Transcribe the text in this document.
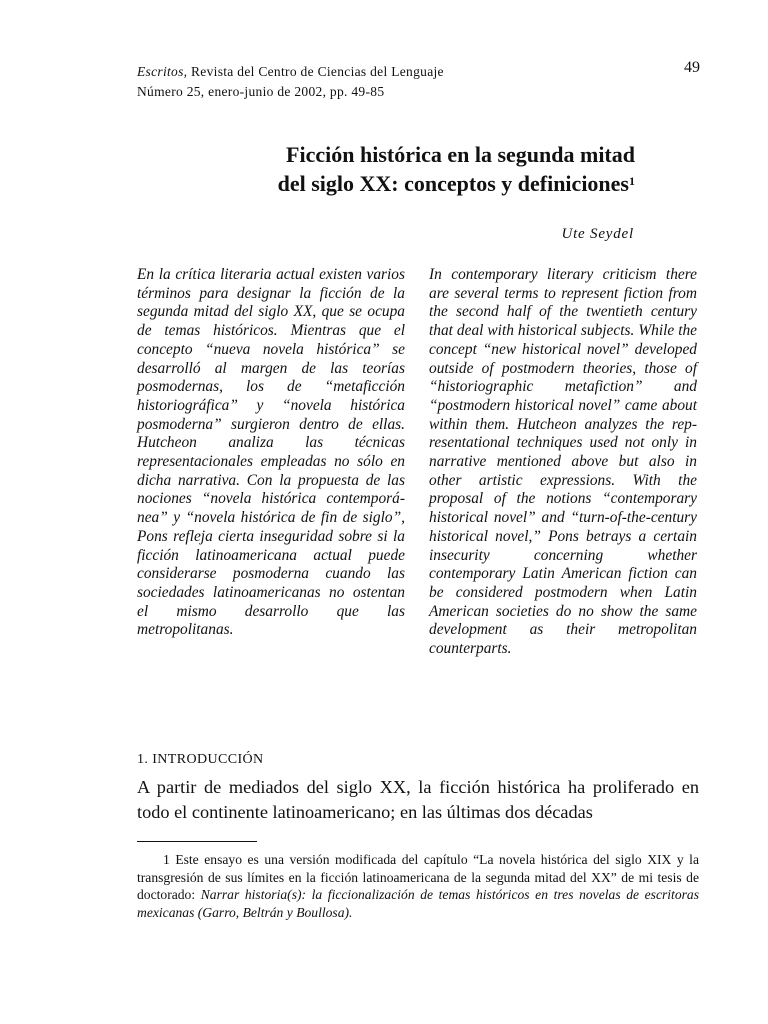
Escritos, Revista del Centro de Ciencias del Lenguaje
Número 25, enero-junio de 2002, pp. 49-85
49
Ficción histórica en la segunda mitad
del siglo XX: conceptos y definiciones$^1$
Ute Seydel
En la crítica literaria actual existen varios términos para designar la ficción de la segunda mitad del siglo XX, que se ocupa de temas históricos. Mientras que el concepto “nueva novela histórica” se desarrolló al margen de las teorías posmodernas, los de “metaficción historiográfica” y “novela histórica posmoderna” surgieron dentro de ellas. Hutcheon analiza las técnicas representacionales empleadas no sólo en dicha narrativa. Con la propuesta de las nociones “novela histórica contemporánea” y “novela histórica de fin de siglo”, Pons refleja cierta inseguridad sobre si la ficción latinoamericana actual puede considerarse posmoderna cuando las sociedades latinoamericanas no ostentan el mismo desarrollo que las metropolitanas.
In contemporary literary criticism there are several terms to represent fiction from the second half of the twentieth century that deal with historical subjects. While the concept “new historical novel” developed outside of postmodern theories, those of “historiographic metafiction” and “postmodern historical novel” came about within them. Hutcheon analyzes the representational techniques used not only in narrative mentioned above but also in other artistic expressions. With the proposal of the notions “contemporary historical novel” and “turn-of-the-century historical novel,” Pons betrays a certain insecurity concerning whether contemporary Latin American fiction can be considered postmodern when Latin American societies do no show the same development as their metropolitan counterparts.
1. INTRODUCCIÓN
A partir de mediados del siglo XX, la ficción histórica ha proliferado en todo el continente latinoamericano; en las últimas dos décadas
1 Este ensayo es una versión modificada del capítulo “La novela histórica del siglo XIX y la transgresión de sus límites en la ficción latinoamericana de la segunda mitad del XX” de mi tesis de doctorado: Narrar historia(s): la ficcionalización de temas históricos en tres novelas de escritoras mexicanas (Garro, Beltrán y Boullosa).
